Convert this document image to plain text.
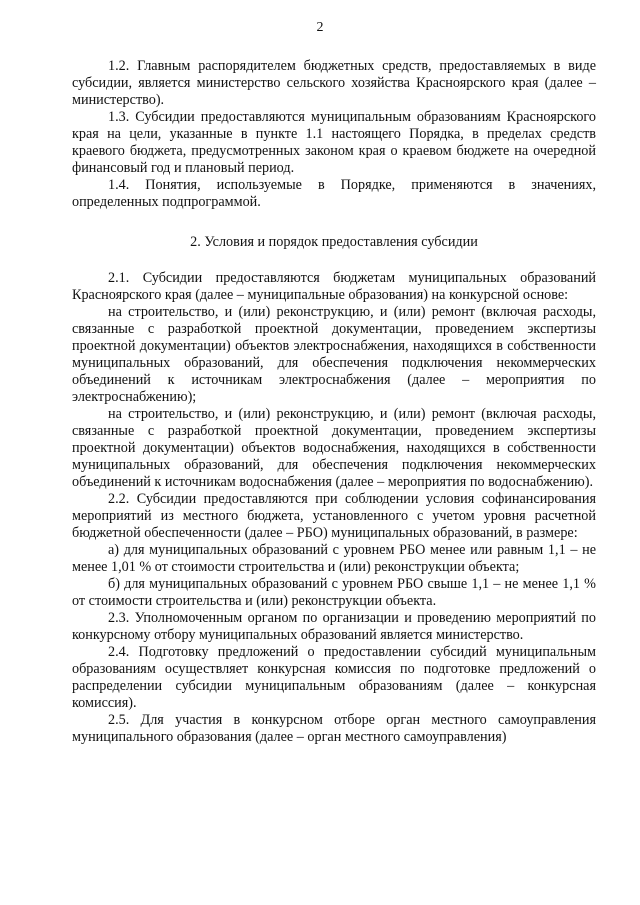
2

1.2. Главным распорядителем бюджетных средств, предоставляемых в виде субсидии, является министерство сельского хозяйства Красноярского края (далее – министерство).

1.3. Субсидии предоставляются муниципальным образованиям Красноярского края на цели, указанные в пункте 1.1 настоящего Порядка, в пределах средств краевого бюджета, предусмотренных законом края о краевом бюджете на очередной финансовый год и плановый период.

1.4. Понятия, используемые в Порядке, применяются в значениях, определенных подпрограммой.

2. Условия и порядок предоставления субсидии

2.1. Субсидии предоставляются бюджетам муниципальных образований Красноярского края (далее – муниципальные образования) на конкурсной основе:

на строительство, и (или) реконструкцию, и (или) ремонт (включая расходы, связанные с разработкой проектной документации, проведением экспертизы проектной документации) объектов электроснабжения, находящихся в собственности муниципальных образований, для обеспечения подключения некоммерческих объединений к источникам электроснабжения (далее – мероприятия по электроснабжению);

на строительство, и (или) реконструкцию, и (или) ремонт (включая расходы, связанные с разработкой проектной документации, проведением экспертизы проектной документации) объектов водоснабжения, находящихся в собственности муниципальных образований, для обеспечения подключения некоммерческих объединений к источникам водоснабжения (далее – мероприятия по водоснабжению).

2.2. Субсидии предоставляются при соблюдении условия софинансирования мероприятий из местного бюджета, установленного с учетом уровня расчетной бюджетной обеспеченности (далее – РБО) муниципальных образований, в размере:

а) для муниципальных образований с уровнем РБО менее или равным 1,1 – не менее 1,01 % от стоимости строительства и (или) реконструкции объекта;

б) для муниципальных образований с уровнем РБО свыше 1,1 – не менее 1,1 % от стоимости строительства и (или) реконструкции объекта.

2.3. Уполномоченным органом по организации и проведению мероприятий по конкурсному отбору муниципальных образований является министерство.

2.4. Подготовку предложений о предоставлении субсидий муниципальным образованиям осуществляет конкурсная комиссия по подготовке предложений о распределении субсидии муниципальным образованиям (далее – конкурсная комиссия).

2.5. Для участия в конкурсном отборе орган местного самоуправления муниципального образования (далее – орган местного самоуправления)
